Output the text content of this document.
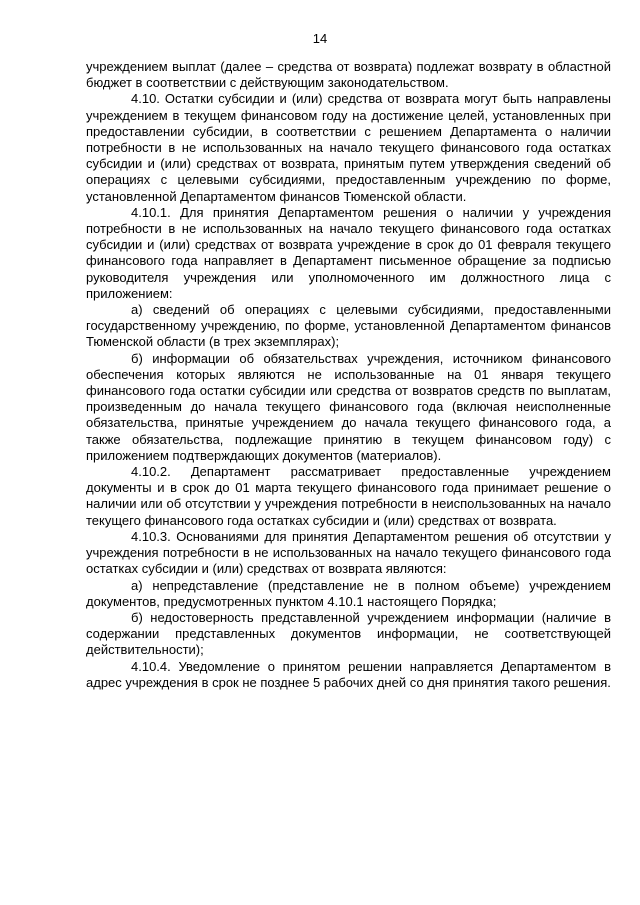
14

учреждением выплат (далее – средства от возврата) подлежат возврату в областной бюджет в соответствии с действующим законодательством.

4.10. Остатки субсидии и (или) средства от возврата могут быть направлены учреждением в текущем финансовом году на достижение целей, установленных при предоставлении субсидии, в соответствии с решением Департамента о наличии потребности в не использованных на начало текущего финансового года остатках субсидии и (или) средствах от возврата, принятым путем утверждения сведений об операциях с целевыми субсидиями, предоставленным учреждению по форме, установленной Департаментом финансов Тюменской области.

4.10.1. Для принятия Департаментом решения о наличии у учреждения потребности в не использованных на начало текущего финансового года остатках субсидии и (или) средствах от возврата учреждение в срок до 01 февраля текущего финансового года направляет в Департамент письменное обращение за подписью руководителя учреждения или уполномоченного им должностного лица с приложением:

а) сведений об операциях с целевыми субсидиями, предоставленными государственному учреждению, по форме, установленной Департаментом финансов Тюменской области (в трех экземплярах);

б) информации об обязательствах учреждения, источником финансового обеспечения которых являются не использованные на 01 января текущего финансового года остатки субсидии или средства от возвратов средств по выплатам, произведенным до начала текущего финансового года (включая неисполненные обязательства, принятые учреждением до начала текущего финансового года, а также обязательства, подлежащие принятию в текущем финансовом году) с приложением подтверждающих документов (материалов).

4.10.2. Департамент рассматривает предоставленные учреждением документы и в срок до 01 марта текущего финансового года принимает решение о наличии или об отсутствии у учреждения потребности в неиспользованных на начало текущего финансового года остатках субсидии и (или) средствах от возврата.

4.10.3. Основаниями для принятия Департаментом решения об отсутствии у учреждения потребности в не использованных на начало текущего финансового года остатках субсидии и (или) средствах от возврата являются:

а) непредставление (представление не в полном объеме) учреждением документов, предусмотренных пунктом 4.10.1 настоящего Порядка;

б) недостоверность представленной учреждением информации (наличие в содержании представленных документов информации, не соответствующей действительности);

4.10.4. Уведомление о принятом решении направляется Департаментом в адрес учреждения в срок не позднее 5 рабочих дней со дня принятия такого решения.
